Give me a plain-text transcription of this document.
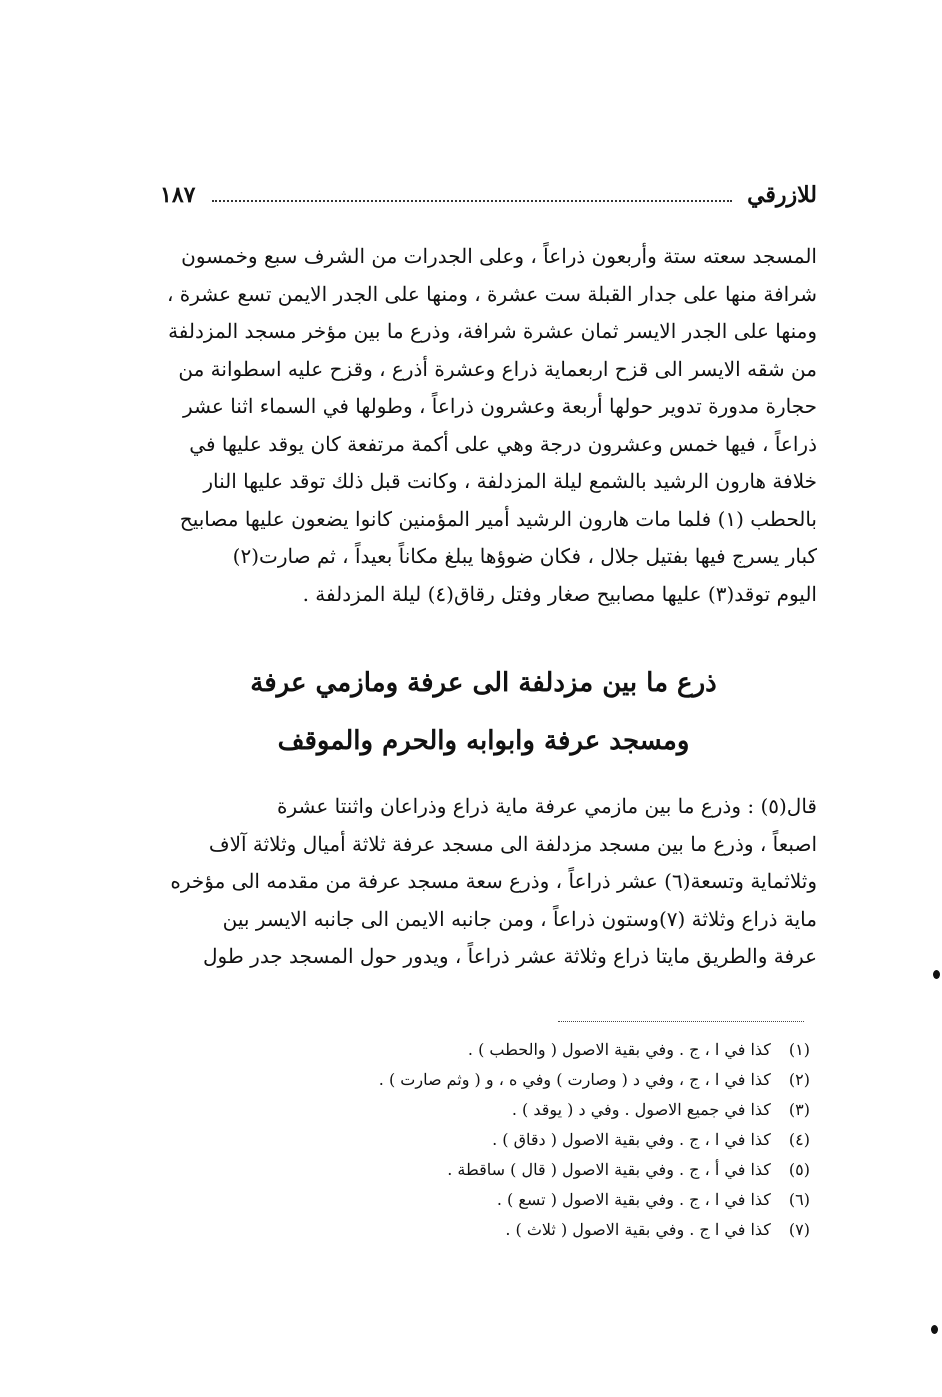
للازرقي
١٨٧
المسجد سعته ستة وأربعون ذراعاً ، وعلى الجدرات من الشرف سبع وخمسون
شرافة منها على جدار القبلة ست عشرة ، ومنها على الجدر الايمن تسع عشرة ،
ومنها على الجدر الايسر ثمان عشرة شرافة، وذرع ما بين مؤخر مسجد المزدلفة
من شقه الايسر الى قزح اربعماية ذراع وعشرة أذرع ، وقزح عليه اسطوانة من
حجارة مدورة تدوير حولها أربعة وعشرون ذراعاً ، وطولها في السماء اثنا عشر
ذراعاً ، فيها خمس وعشرون درجة وهي على أكمة مرتفعة كان يوقد عليها في
خلافة هارون الرشيد بالشمع ليلة المزدلفة ، وكانت قبل ذلك توقد عليها النار
بالحطب (١) فلما مات هارون الرشيد أمير المؤمنين كانوا يضعون عليها مصابيح
كبار يسرج فيها بفتيل جلال ، فكان ضوؤها يبلغ مكاناً بعيداً ، ثم صارت(٢)
اليوم توقد(٣) عليها مصابيح صغار وفتل رقاق(٤) ليلة المزدلفة .
ذرع ما بين مزدلفة الى عرفة ومازمي عرفة
ومسجد عرفة وابوابه والحرم والموقف
قال(٥) : وذرع ما بين مازمي عرفة ماية ذراع وذراعان واثنتا عشرة
اصبعاً ، وذرع ما بين مسجد مزدلفة الى مسجد عرفة ثلاثة أميال وثلاثة آلاف
وثلاثماية وتسعة(٦) عشر ذراعاً ، وذرع سعة مسجد عرفة من مقدمه الى مؤخره
ماية ذراع وثلاثة (٧)وستون ذراعاً ، ومن جانبه الايمن الى جانبه الايسر بين
عرفة والطريق مايتا ذراع وثلاثة عشر ذراعاً ، ويدور حول المسجد جدر طول
(١) كذا في ا ، ج . وفي بقية الاصول ( والحطب ) .
(٢) كذا في ا ، ج ، وفي د ( وصارت ) وفي ه ، و ( وثم صارت ) .
(٣) كذا في جميع الاصول . وفي د ( يوقد ) .
(٤) كذا في ا ، ج . وفي بقية الاصول ( دقاق ) .
(٥) كذا في أ ، ج . وفي بقية الاصول ( قال ) ساقطة .
(٦) كذا في ا ، ج . وفي بقية الاصول ( تسع ) .
(٧) كذا في ا ج . وفي بقية الاصول ( ثلاث ) .
